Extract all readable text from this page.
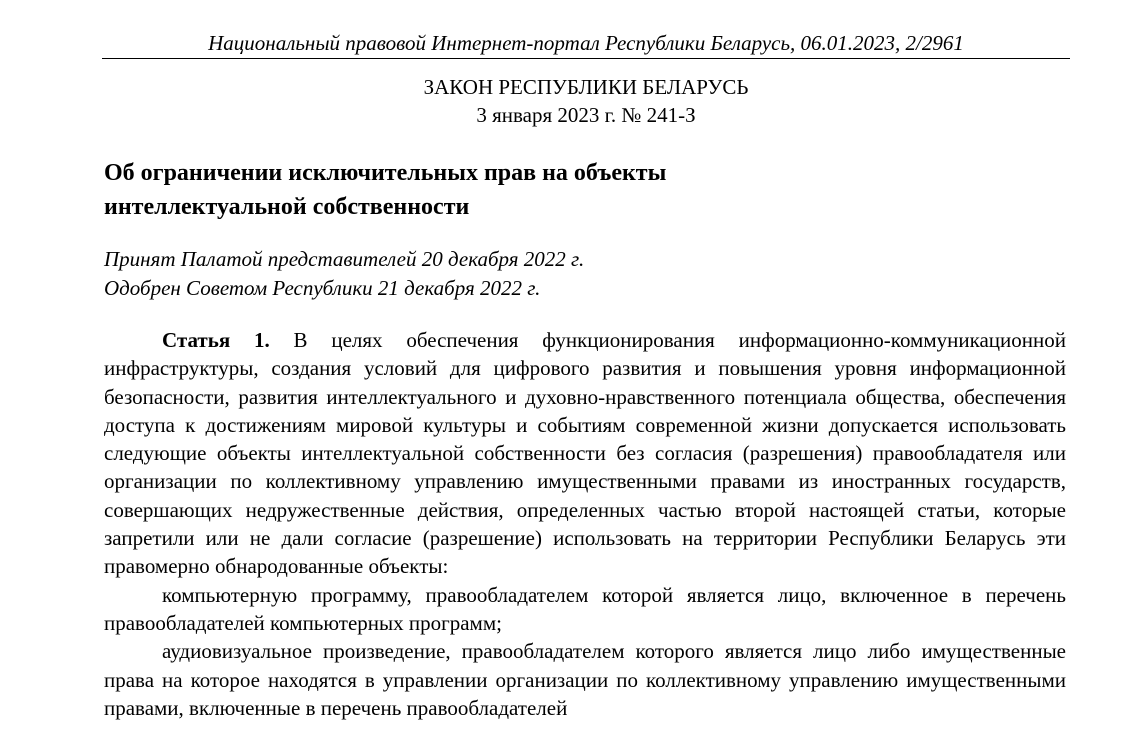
Национальный правовой Интернет-портал Республики Беларусь, 06.01.2023, 2/2961
ЗАКОН РЕСПУБЛИКИ БЕЛАРУСЬ
3 января 2023 г. № 241-З
Об ограничении исключительных прав на объекты
интеллектуальной собственности
Принят Палатой представителей 20 декабря 2022 г.
Одобрен Советом Республики 21 декабря 2022 г.

Статья 1. В целях обеспечения функционирования информационно-коммуникационной инфраструктуры, создания условий для цифрового развития и повышения уровня информационной безопасности, развития интеллектуального и духовно-нравственного потенциала общества, обеспечения доступа к достижениям мировой культуры и событиям современной жизни допускается использовать следующие объекты интеллектуальной собственности без согласия (разрешения) правообладателя или организации по коллективному управлению имущественными правами из иностранных государств, совершающих недружественные действия, определенных частью второй настоящей статьи, которые запретили или не дали согласие (разрешение) использовать на территории Республики Беларусь эти правомерно обнародованные объекты:

компьютерную программу, правообладателем которой является лицо, включенное в перечень правообладателей компьютерных программ;

аудиовизуальное произведение, правообладателем которого является лицо либо имущественные права на которое находятся в управлении организации по коллективному управлению имущественными правами, включенные в перечень правообладателей
